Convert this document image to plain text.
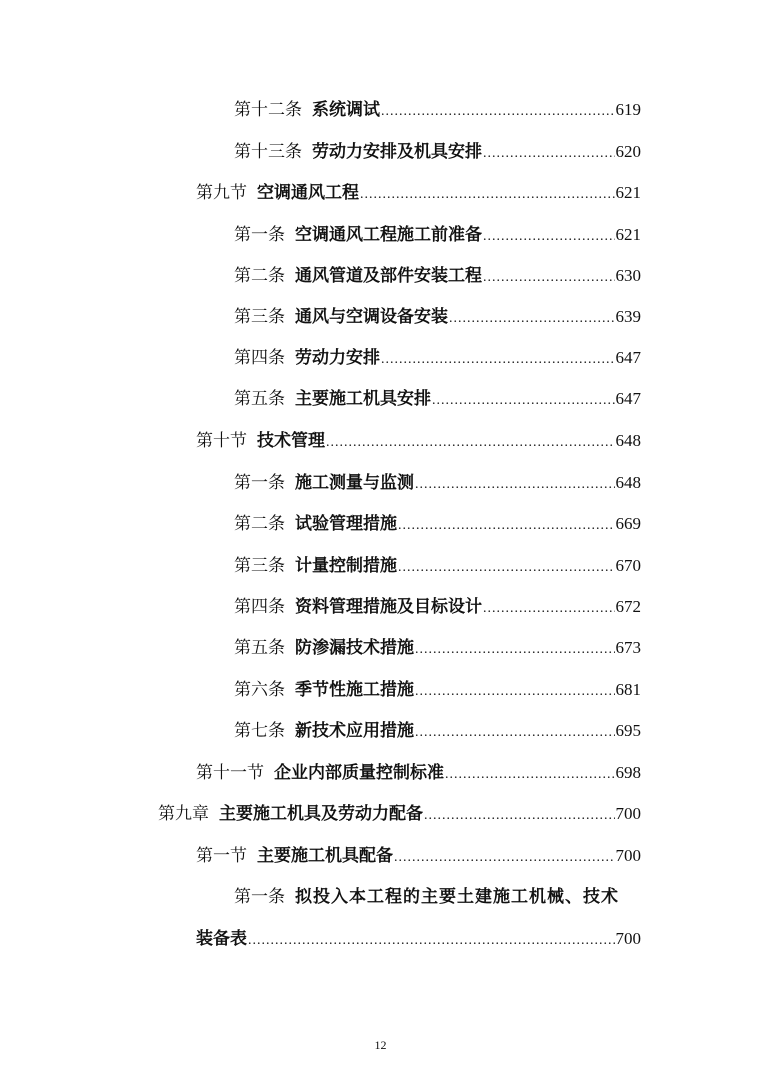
第十二条 系统调试 .....	619
第十三条 劳动力安排及机具安排 .....	620
第九节 空调通风工程 .....	621
第一条 空调通风工程施工前准备 .....	621
第二条 通风管道及部件安装工程 .....	630
第三条 通风与空调设备安装 .....	639
第四条 劳动力安排 .....	647
第五条 主要施工机具安排 .....	647
第十节 技术管理 .....	648
第一条 施工测量与监测 .....	648
第二条 试验管理措施 .....	669
第三条 计量控制措施 .....	670
第四条 资料管理措施及目标设计 .....	672
第五条 防渗漏技术措施 .....	673
第六条 季节性施工措施 .....	681
第七条 新技术应用措施 .....	695
第十一节 企业内部质量控制标准 .....	698
第九章 主要施工机具及劳动力配备 .....	700
第一节 主要施工机具配备 .....	700
第一条 拟投入本工程的主要土建施工机械、技术
装备表 .....	700
12
